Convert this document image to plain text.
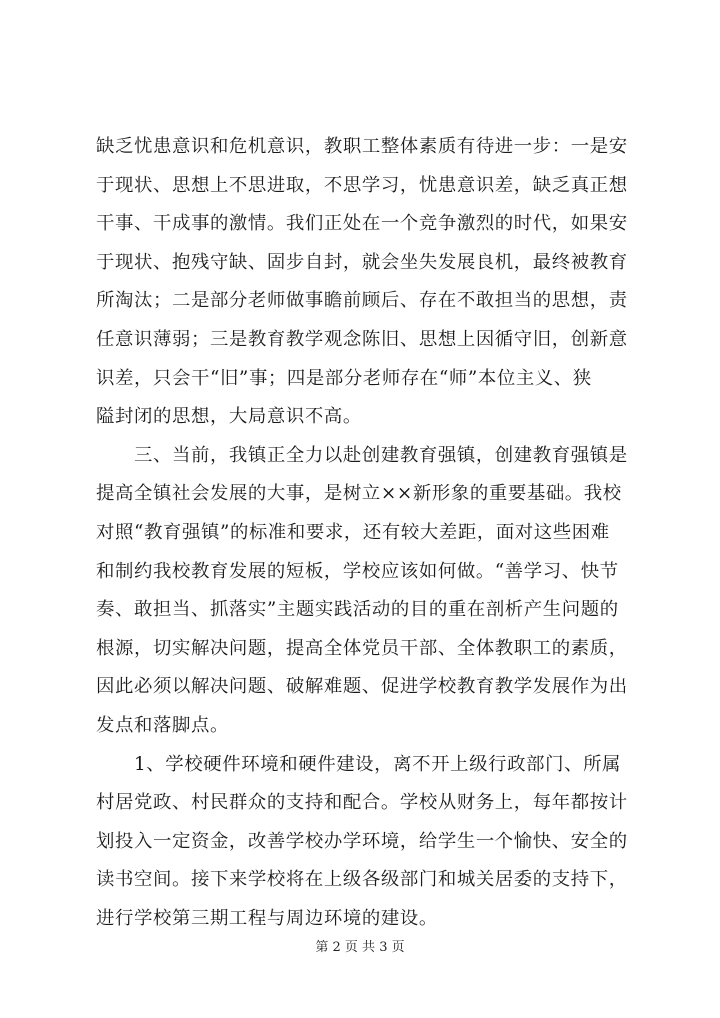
缺乏忧患意识和危机意识，教职工整体素质有待进一步：一是安
于现状、思想上不思进取，不思学习，忧患意识差，缺乏真正想
干事、干成事的激情。我们正处在一个竞争激烈的时代，如果安
于现状、抱残守缺、固步自封，就会坐失发展良机，最终被教育
所淘汰；二是部分老师做事瞻前顾后、存在不敢担当的思想，责
任意识薄弱；三是教育教学观念陈旧、思想上因循守旧，创新意
识差，只会干“旧”事；四是部分老师存在“师”本位主义、狭
隘封闭的思想，大局意识不高。
　　三、当前，我镇正全力以赴创建教育强镇，创建教育强镇是
提高全镇社会发展的大事，是树立××新形象的重要基础。我校
对照“教育强镇”的标准和要求，还有较大差距，面对这些困难
和制约我校教育发展的短板，学校应该如何做。“善学习、快节
奏、敢担当、抓落实”主题实践活动的目的重在剖析产生问题的
根源，切实解决问题，提高全体党员干部、全体教职工的素质，
因此必须以解决问题、破解难题、促进学校教育教学发展作为出
发点和落脚点。
　　1、学校硬件环境和硬件建设，离不开上级行政部门、所属
村居党政、村民群众的支持和配合。学校从财务上，每年都按计
划投入一定资金，改善学校办学环境，给学生一个愉快、安全的
读书空间。接下来学校将在上级各级部门和城关居委的支持下，
进行学校第三期工程与周边环境的建设。
第 2 页 共 3 页
